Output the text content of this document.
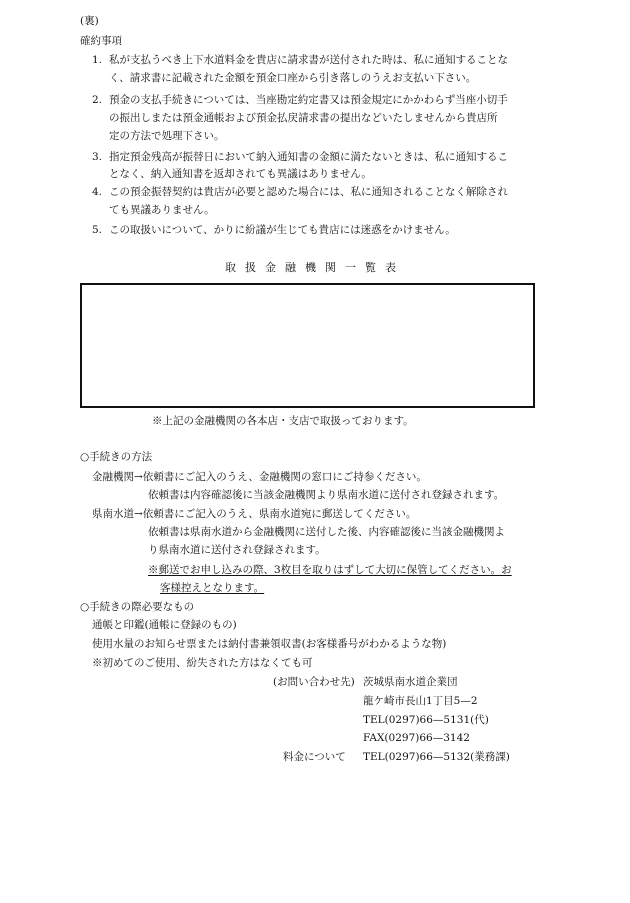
(裏)
確約事項
1. 私が支払うべき上下水道料金を貴店に請求書が送付された時は、私に通知することな
く、請求書に記載された金額を預金口座から引き落しのうえお支払い下さい。
2. 預金の支払手続きについては、当座勘定約定書又は預金規定にかかわらず当座小切手
の振出しまたは預金通帳および預金払戻請求書の提出などいたしませんから貴店所
定の方法で処理下さい。
3. 指定預金残高が振替日において納入通知書の金額に満たないときは、私に通知するこ
となく、納入通知書を返却されても異議はありません。
4. この預金振替契約は貴店が必要と認めた場合には、私に通知されることなく解除され
ても異議ありません。
5. この取扱いについて、かりに紛議が生じても貴店には迷惑をかけません。
取扱金融機関一覧表
※上記の金融機関の各本店・支店で取扱っております。
○手続きの方法
金融機関→依頼書にご記入のうえ、金融機関の窓口にご持参ください。
依頼書は内容確認後に当該金融機関より県南水道に送付され登録されます。
県南水道→依頼書にご記入のうえ、県南水道宛に郵送してください。
依頼書は県南水道から金融機関に送付した後、内容確認後に当該金融機関よ
り県南水道に送付され登録されます。
※郵送でお申し込みの際、3枚目を取りはずして大切に保管してください。お
客様控えとなります。
○手続きの際必要なもの
通帳と印鑑(通帳に登録のもの)
使用水量のお知らせ票または納付書兼領収書(お客様番号がわかるような物)
※初めてのご使用、紛失された方はなくても可
(お問い合わせ先) 茨城県南水道企業団
龍ケ崎市長山1丁目5—2
TEL(0297)66—5131(代)
FAX(0297)66—3142
料金について TEL(0297)66—5132(業務課)
